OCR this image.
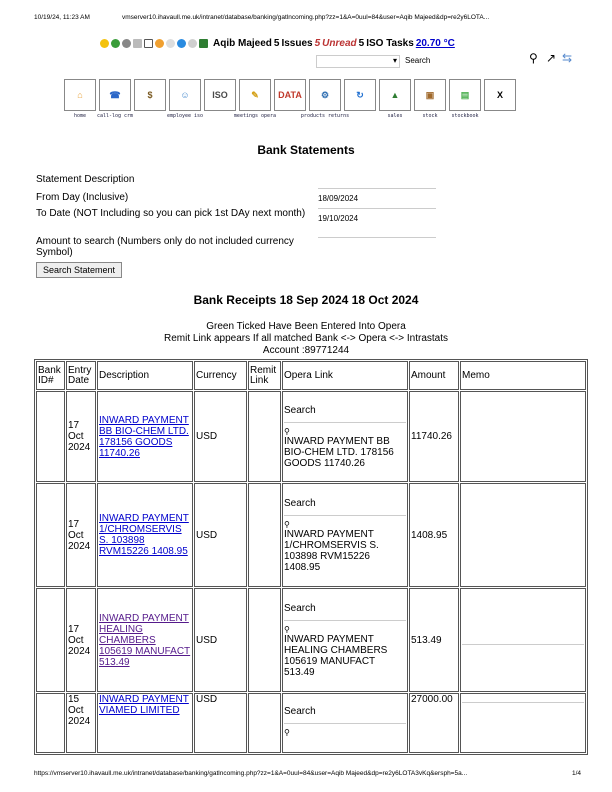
10/19/24, 11:23 AM	vmserver10.ihavaull.me.uk/intranet/database/banking/gatlncoming.php?zz=1&A=0uul=84&user=Aqib Majeed&dp=re2y6LOTA...
Aqib Majeed 5 Issues 5 Unread 5 ISO Tasks 20.70 °C
▾ Search	⚲ ↗ ⇆
⌂
home
☎
call-log crm
$	☺
employee iso
ISO	✎
meetings opera
DATA	⚙
products returns
↻	▲
sales
▣
stock
▤
stockbook
X
Bank Statements
Statement Description
From Day (Inclusive)	18/09/2024
To Date (NOT Including so you can pick 1st DAy next month) 19/10/2024
Amount to search (Numbers only do not included currency Symbol)
Search Statement
Bank Receipts 18 Sep 2024 18 Oct 2024
Green Ticked Have Been Entered Into Opera
Remit Link appears If all matched Bank <-> Opera <-> Intrastats
Account :89771244
Bank ID#	Entry Date	Description	Currency	Remit Link	Opera Link	Amount	Memo
	17 Oct 2024	INWARD PAYMENT BB BIO-CHEM LTD. 178156 GOODS 11740.26	USD		Search
⚲
INWARD PAYMENT BB BIO-CHEM LTD. 178156 GOODS 11740.26	11740.26	
	17 Oct 2024	INWARD PAYMENT 1/CHROMSERVIS S. 103898 RVM15226 1408.95	USD		Search
⚲
INWARD PAYMENT 1/CHROMSERVIS S. 103898 RVM15226 1408.95	1408.95	
	17 Oct 2024	INWARD PAYMENT HEALING CHAMBERS 105619 MANUFACT 513.49	USD		Search
⚲
INWARD PAYMENT HEALING CHAMBERS 105619 MANUFACT 513.49	513.49	

	15 Oct 2024	INWARD PAYMENT VIAMED LIMITED	USD		Search
⚲	27000.00	
https://vmserver10.ihavaull.me.uk/intranet/database/banking/gatlncoming.php?zz=1&A=0uul=84&user=Aqib Majeed&dp=re2y6LOTA3vKq&ersph=5a...	1/4
